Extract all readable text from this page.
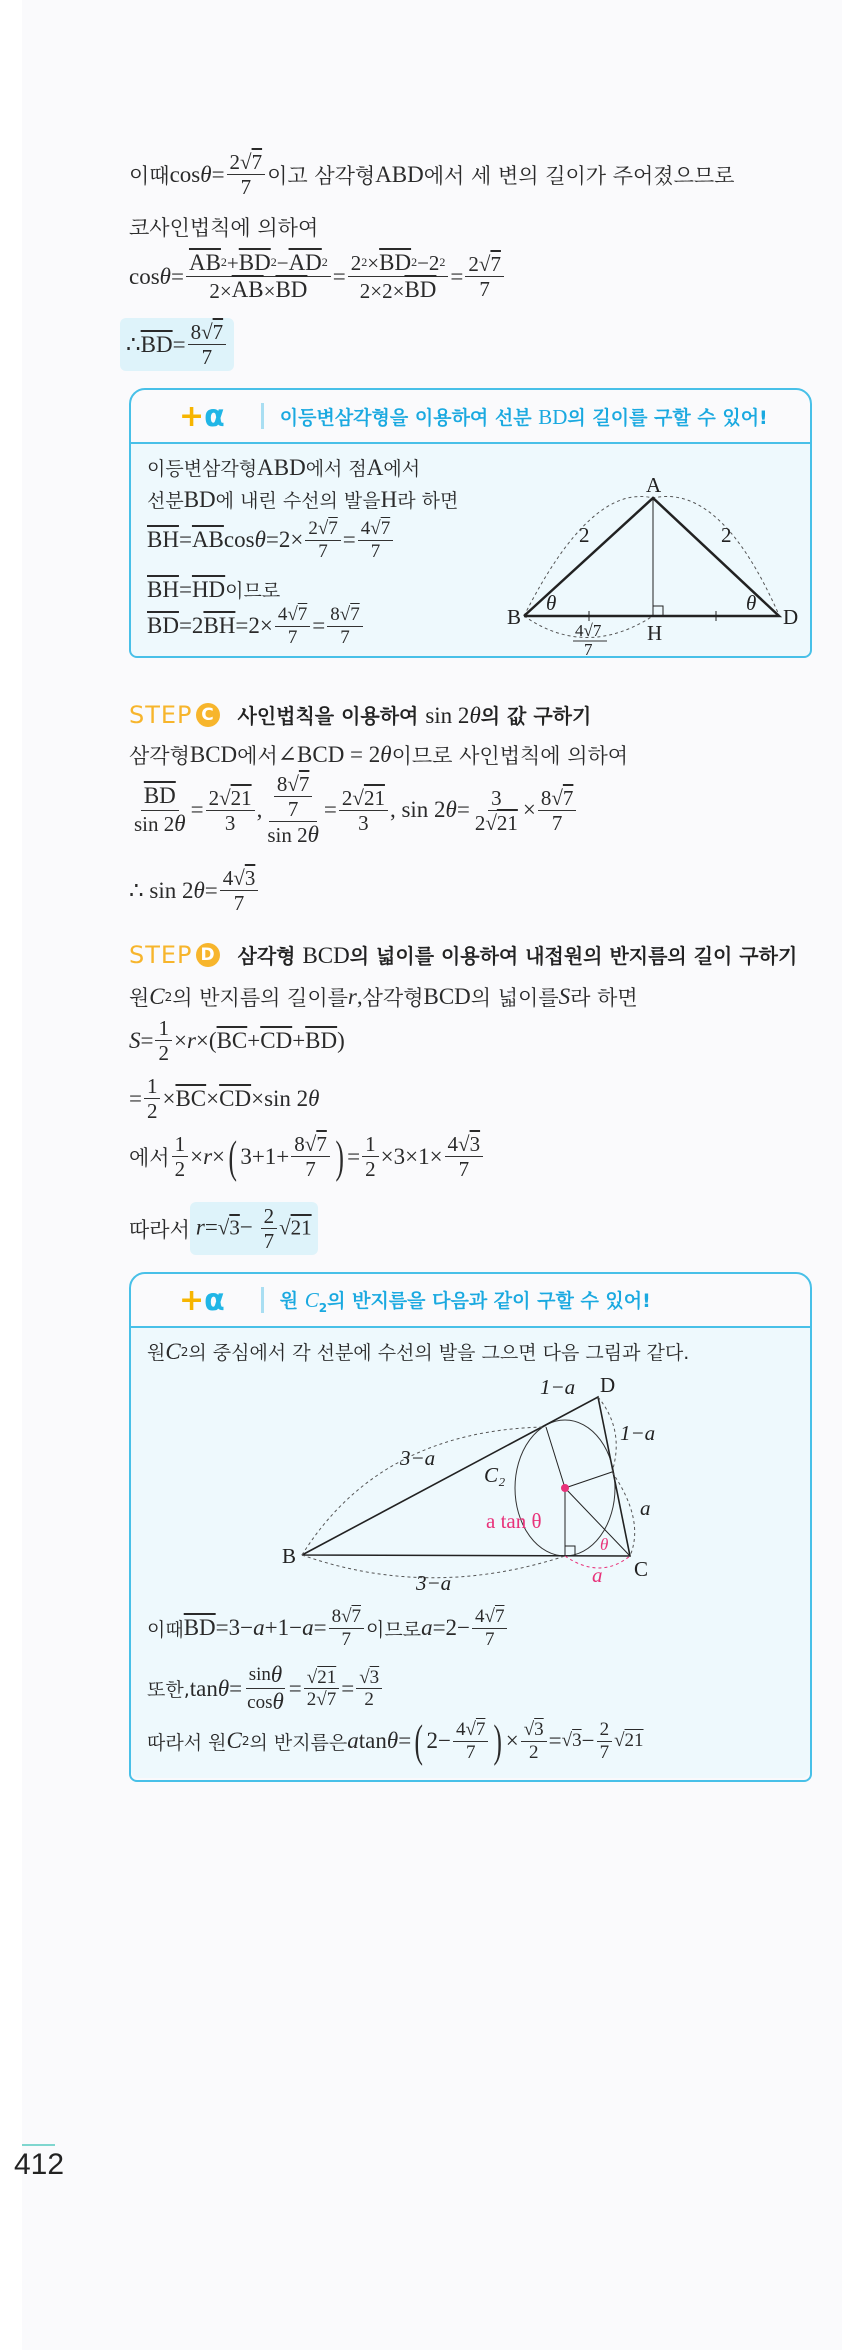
이때 $\cos \theta = \frac{2 √7}{7}$ 이고 삼각형 ABD 에서 세 변의 길이가 주어졌으므로
코사인법칙에 의하여
$\cos \theta = \frac{\overline{AB} 2 + \overline{BD} 2 - \overline{AD} 2}{2\times \overline{AB} \times \overline{BD}} = \frac{2 2 \times \overline{BD} 2 -2 2}{2\times 2\times \overline{BD}} = \frac{2 √7}{7}$
∴ $\overline{BD} = \frac{8 √7}{7}$
+ α	이등변삼각형을 이용하여 선분 BD의 길이를 구할 수 있어!
이등변삼각형 ABD 에서 점 A 에서
선분 BD 에 내린 수선의 발을 H 라 하면
$\overline{BH} = \overline{AB}$ $\cos \theta =2\times \frac{2 √7}{7} = \frac{4 √7}{7}$
$\overline{BH} = \overline{HD}$ 이므로
$\overline{BD} =2$ $\overline{BH} =2\times \frac{4 √7}{7} = \frac{8 √7}{7}$
A
B	D
H
2	2
θ	θ
4√7
7
STEP C 사인법칙을 이용하여 sin 2θ의 값 구하기
삼각형 BCD 에서 ∠BCD = 2 θ 이므로 사인법칙에 의하여
$\frac{\overline{BD}}{\sin 2 \theta} = \frac{2 √21}{3}$ , $\frac{\frac{8 √7}{7}}{\sin 2 \theta} = \frac{2 √21}{3}$ , sin 2 $\theta = \frac{3}{2 √21} \times \frac{8 √7}{7}$
∴ sin 2 $\theta = \frac{4 √3}{7}$
STEP D 삼각형 BCD의 넓이를 이용하여 내접원의 반지름의 길이 구하기
원 C 2 의 반지름의 길이를 r , 삼각형 BCD 의 넓이를 S 라 하면
$S = \frac{1}{2} \times r$ ×( $\overline{BC} + \overline{CD} + \overline{BD}$ )
= $\frac{1}{2} \times \overline{BC} \times \overline{CD} \times\sin$ 2 θ
에서 $\frac{1}{2} \times r$ × ( $3+1+ \frac{8 √7}{7}$ ) = $\frac{1}{2} \times 3\times 1\times \frac{4 √3}{7}$
따라서 $r=√3- \frac{2}{7} √21$
+ α	원 $C_2$의 반지름을 다음과 같이 구할 수 있어!
원 C 2 의 중심에서 각 선분에 수선의 발을 그으면 다음 그림과 같다.
B
C
D
1−a
1−a
3−a
3−a
a
a
C₂
a tan θ
θ
이때 $\overline{BD} =3- a +1- a = \frac{8 √7}{7}$ 이므로 $a =2- \frac{4 √7}{7}$
또한, $\tan \theta = \frac{\text{sin θ}}{\text{cos θ}} = \frac{√21}{2 √7} = \frac{√3}{2}$
따라서 원 C 2 의 반지름은 a tan θ = ( $2- \frac{4 √7}{7}$ ) × $\frac{√3}{2} = √3 - \frac{2}{7} √21$
412
